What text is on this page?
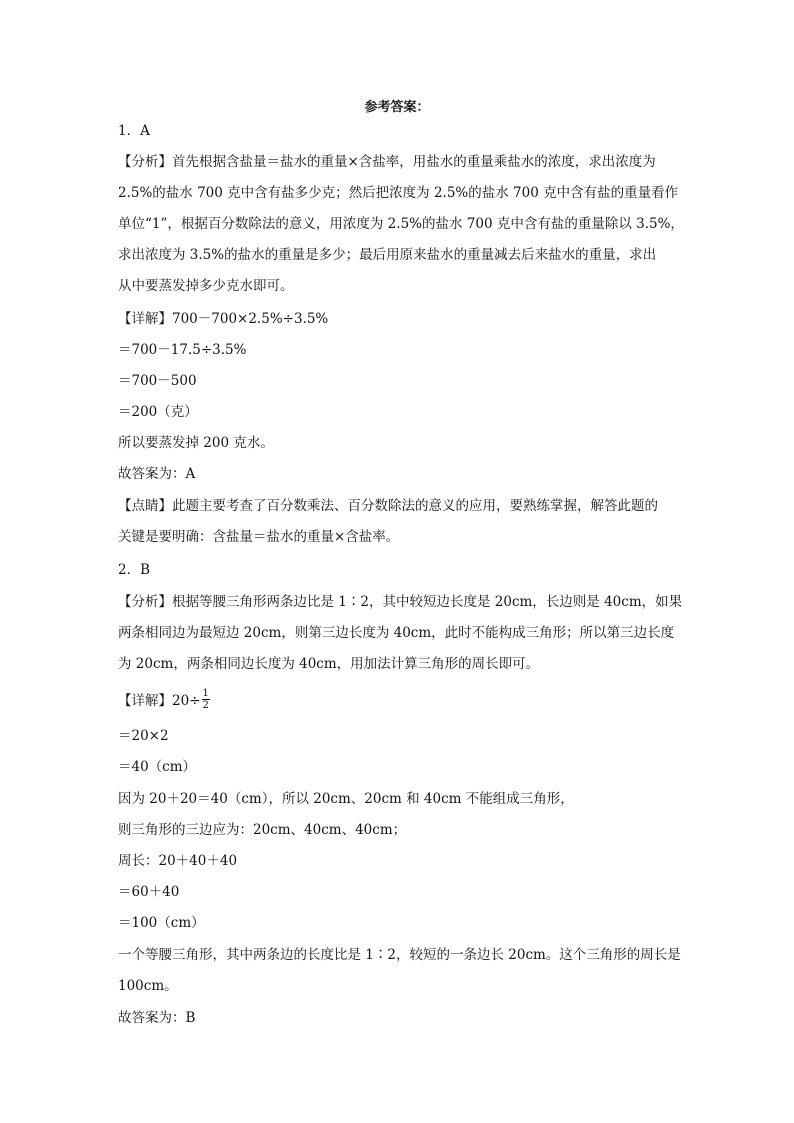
参考答案：
1．A
【分析】首先根据含盐量＝盐水的重量×含盐率，用盐水的重量乘盐水的浓度，求出浓度为
2.5%的盐水 700 克中含有盐多少克；然后把浓度为 2.5%的盐水 700 克中含有盐的重量看作
单位“1”，根据百分数除法的意义，用浓度为 2.5%的盐水 700 克中含有盐的重量除以 3.5%，
求出浓度为 3.5%的盐水的重量是多少；最后用原来盐水的重量减去后来盐水的重量，求出
从中要蒸发掉多少克水即可。
【详解】700－700×2.5%÷3.5%
＝700－17.5÷3.5%
＝700－500
＝200（克）
所以要蒸发掉 200 克水。
故答案为：A
【点睛】此题主要考查了百分数乘法、百分数除法的意义的应用，要熟练掌握，解答此题的
关键是要明确：含盐量＝盐水的重量×含盐率。
2．B
【分析】根据等腰三角形两条边比是 1∶2，其中较短边长度是 20cm，长边则是 40cm，如果
两条相同边为最短边 20cm，则第三边长度为 40cm，此时不能构成三角形；所以第三边长度
为 20cm，两条相同边长度为 40cm，用加法计算三角形的周长即可。
【详解】$20\div \frac{1}{2}$
＝20×2
＝40（cm）
因为 20＋20＝40（cm），所以 20cm、20cm 和 40cm 不能组成三角形，
则三角形的三边应为：20cm、40cm、40cm；
周长：20＋40＋40
＝60＋40
＝100（cm）
一个等腰三角形，其中两条边的长度比是 1∶2，较短的一条边长 20cm。这个三角形的周长是
100cm。
故答案为：B
